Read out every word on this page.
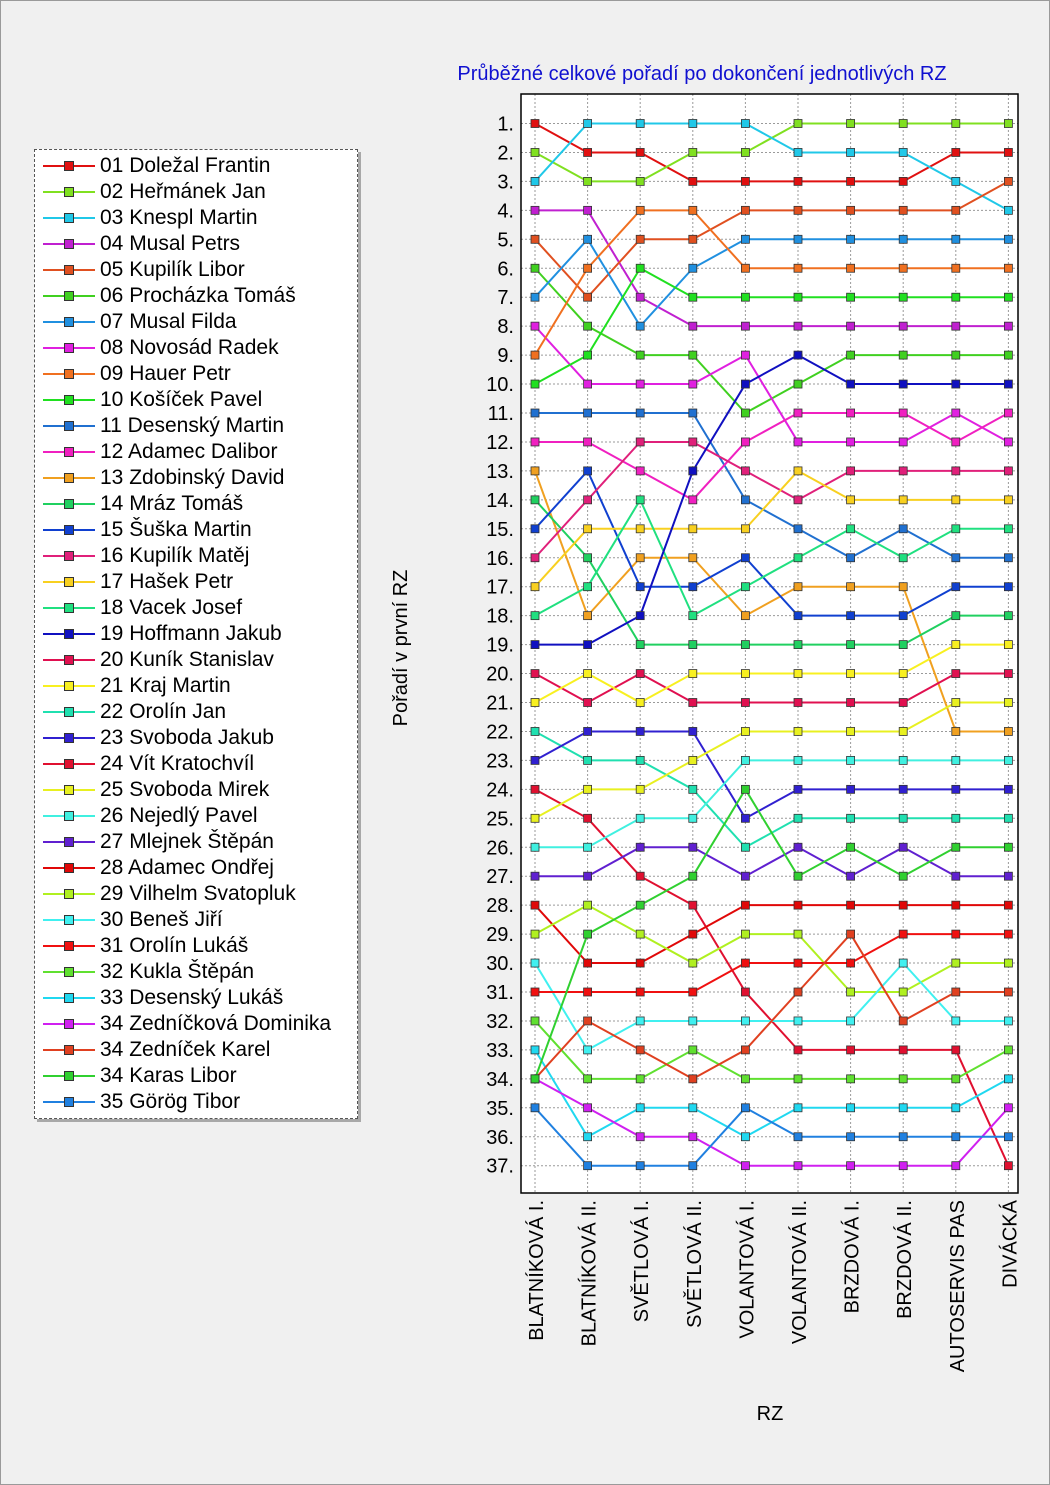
01 Doležal Frantin
02 Heřmánek Jan
03 Knespl Martin
04 Musal Petrs
05 Kupilík Libor
06 Procházka Tomáš
07 Musal Filda
08 Novosád Radek
09 Hauer Petr
10 Košíček Pavel
11 Desenský Martin
12 Adamec Dalibor
13 Zdobinský David
14 Mráz Tomáš
15 Šuška Martin
16 Kupilík Matěj
17 Hašek Petr
18 Vacek Josef
19 Hoffmann Jakub
20 Kuník Stanislav
21 Kraj Martin
22 Orolín Jan
23 Svoboda Jakub
24 Vít Kratochvíl
25 Svoboda Mirek
26 Nejedlý Pavel
27 Mlejnek Štěpán
28 Adamec Ondřej
29 Vilhelm Svatopluk
30 Beneš Jiří
31 Orolín Lukáš
32 Kukla Štěpán
33 Desenský Lukáš
34 Zedníčková Dominika
34 Zedníček Karel
34 Karas Libor
35 Görög Tibor
1.
2.
3.
4.
5.
6.
7.
8.
9.
10.
11.
12.
13.
14.
15.
16.
17.
18.
19.
20.
21.
22.
23.
24.
25.
26.
27.
28.
29.
30.
31.
32.
33.
34.
35.
36.
37.
BLATNÍKOVÁ I. BLATNÍKOVÁ II. SVĚTLOVÁ I. SVĚTLOVÁ II. VOLANTOVÁ I. VOLANTOVÁ II. BRZDOVÁ I. BRZDOVÁ II. AUTOSERVIS PAS DIVÁCKÁ
Průběžné celkové pořadí po dokončení jednotlivých RZ
RZ
Pořadí v první RZ
